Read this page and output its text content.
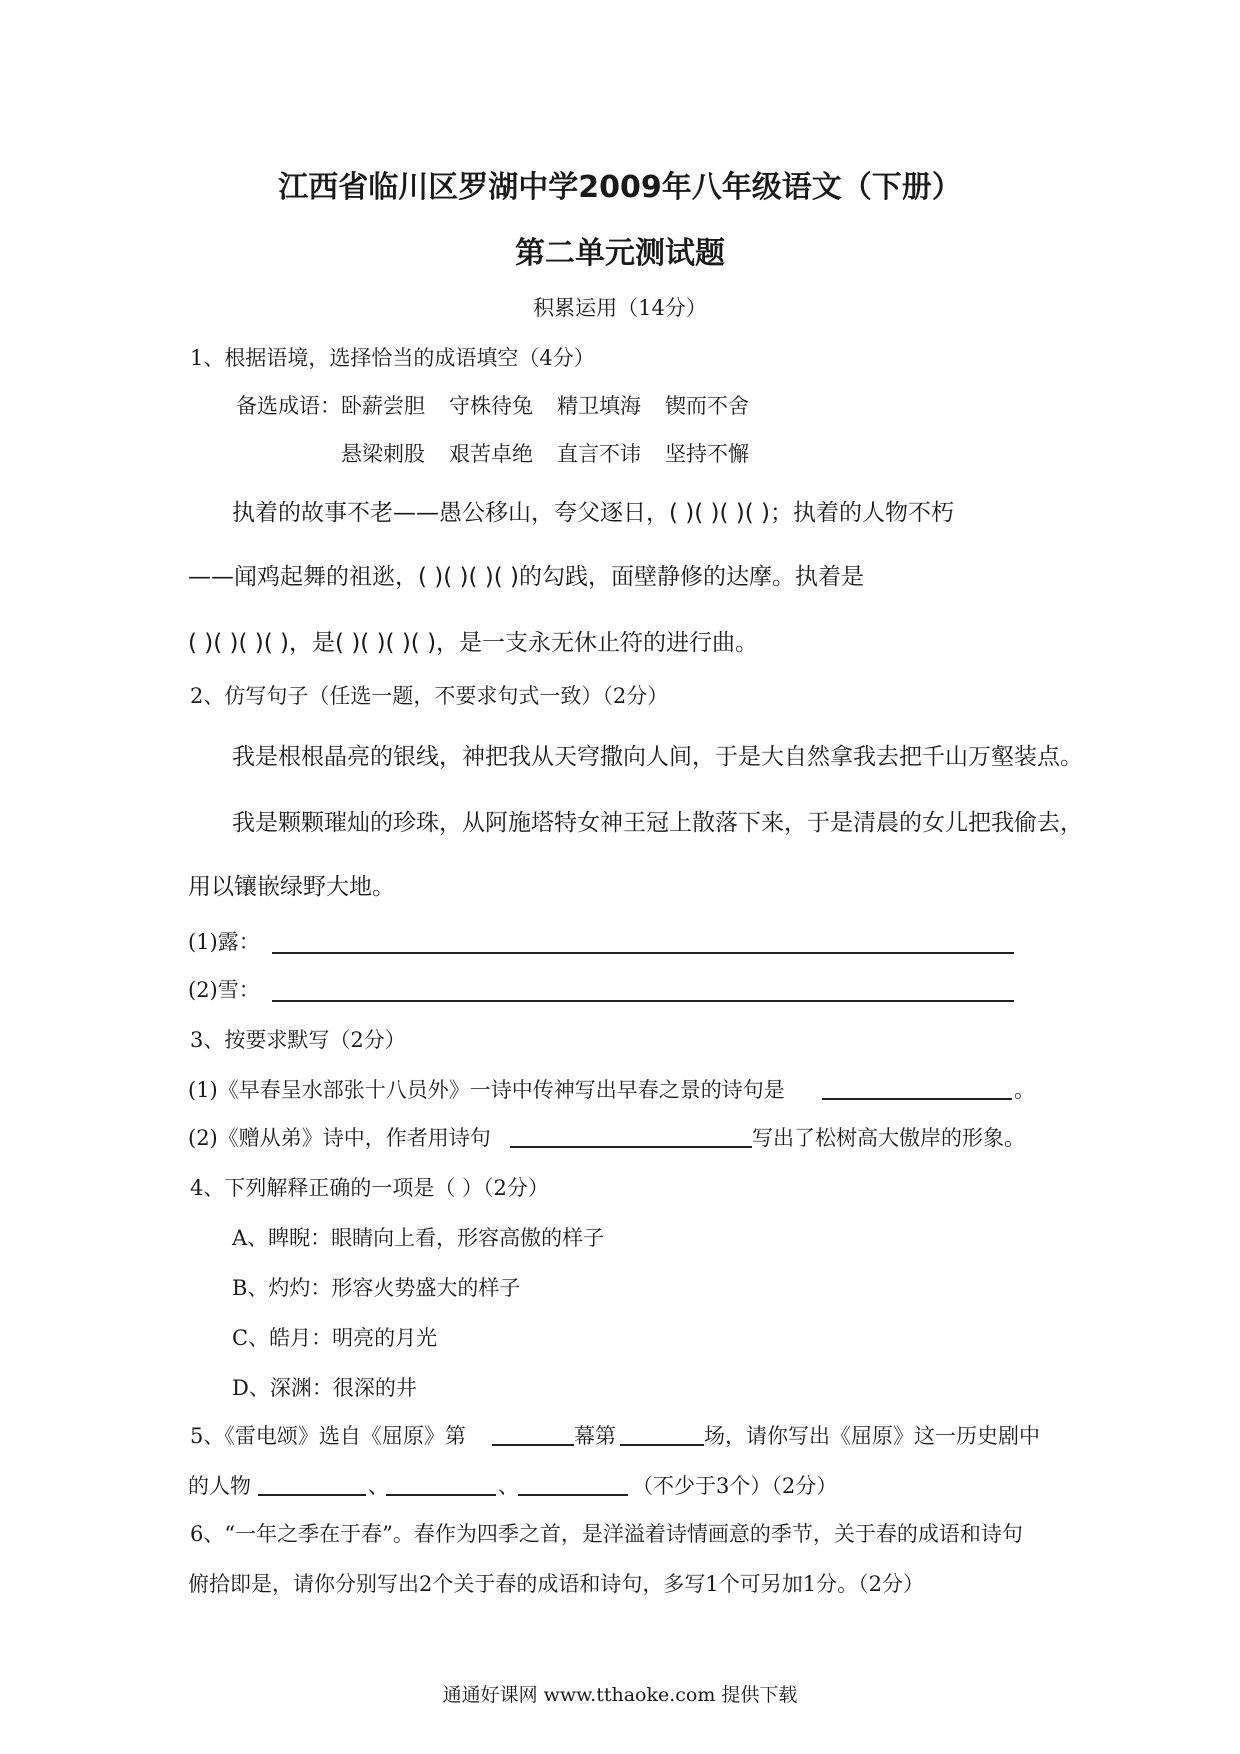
江西省临川区罗湖中学2009年八年级语文（下册）
第二单元测试题
积累运用（14分）
1、根据语境，选择恰当的成语填空（4分）
备选成语：卧薪尝胆 守株待兔 精卫填海 锲而不舍
悬梁刺股 艰苦卓绝 直言不讳 坚持不懈
执着的故事不老——愚公移山，夸父逐日，( )( )( )( )；执着的人物不朽
——闻鸡起舞的祖逖，( )( )( )( )的勾践，面壁静修的达摩。执着是
( )( )( )( )，是( )( )( )( )，是一支永无休止符的进行曲。
2、仿写句子（任选一题，不要求句式一致）（2分）
我是根根晶亮的银线，神把我从天穹撒向人间，于是大自然拿我去把千山万壑装点。
我是颗颗璀灿的珍珠，从阿施塔特女神王冠上散落下来，于是清晨的女儿把我偷去，
用以镶嵌绿野大地。
(1)露：
(2)雪：
3、按要求默写（2分）
(1)《早春呈水部张十八员外》一诗中传神写出早春之景的诗句是	。
(2)《赠从弟》诗中，作者用诗句	写出了松树高大傲岸的形象。
4、下列解释正确的一项是（ ）（2分）
A、睥睨：眼睛向上看，形容高傲的样子
B、灼灼：形容火势盛大的样子
C、皓月：明亮的月光
D、深渊：很深的井
5、《雷电颂》选自《屈原》第	幕第	场，请你写出《屈原》这一历史剧中
的人物	、	、	（不少于3个）（2分）
6、“一年之季在于春”。春作为四季之首，是洋溢着诗情画意的季节，关于春的成语和诗句
俯拾即是，请你分别写出2个关于春的成语和诗句，多写1个可另加1分。（2分）
通通好课网 www.tthaoke.com 提供下载
